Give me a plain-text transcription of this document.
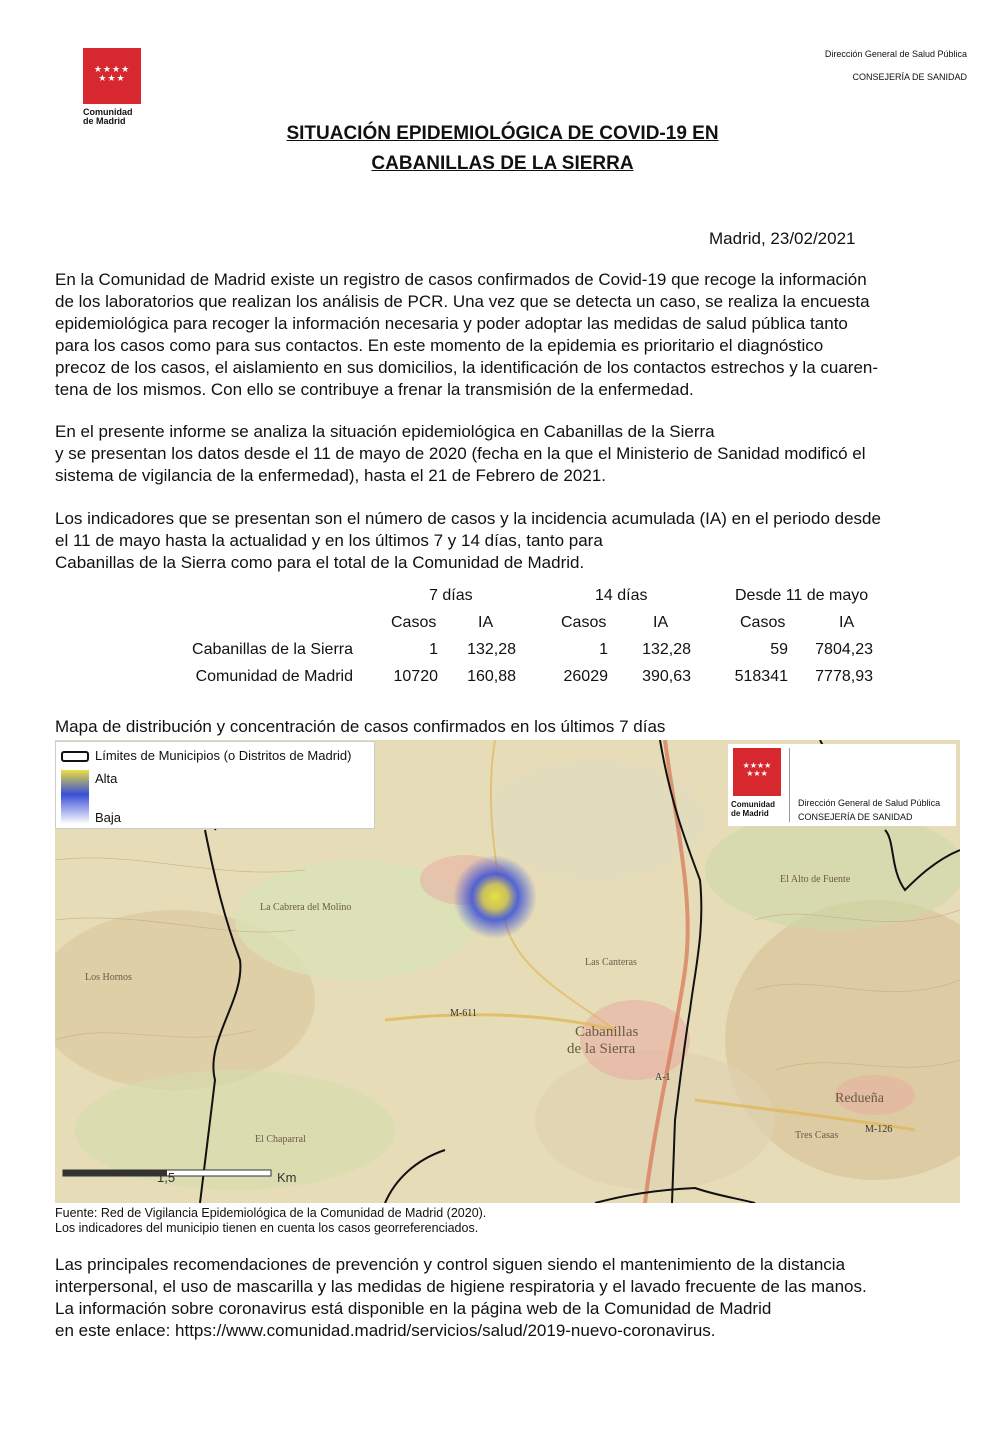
★★★★
★★★
Comunidad
de Madrid
Dirección General de Salud Pública
CONSEJERÍA DE SANIDAD
SITUACIÓN EPIDEMIOLÓGICA DE COVID-19 EN
CABANILLAS DE LA SIERRA
Madrid, 23/02/2021
En la Comunidad de Madrid existe un registro de casos confirmados de Covid-19 que recoge la información
de los laboratorios que realizan los análisis de PCR. Una vez que se detecta un caso, se realiza la encuesta
epidemiológica para recoger la información necesaria y poder adoptar las medidas de salud pública tanto
para los casos como para sus contactos. En este momento de la epidemia es prioritario el diagnóstico
precoz de los casos, el aislamiento en sus domicilios, la identificación de los contactos estrechos y la cuaren-
tena de los mismos. Con ello se contribuye a frenar la transmisión de la enfermedad.
En el presente informe se analiza la situación epidemiológica en Cabanillas de la Sierra
y se presentan los datos desde el 11 de mayo de 2020 (fecha en la que el Ministerio de Sanidad modificó el
sistema de vigilancia de la enfermedad), hasta el 21 de Febrero de 2021.
Los indicadores que se presentan son el número de casos y la incidencia acumulada (IA) en el periodo desde
el 11 de mayo hasta la actualidad y en los últimos 7 y 14 días, tanto para
Cabanillas de la Sierra como para el total de la Comunidad de Madrid.
7 días	14 días	Desde 11 de mayo
Casos	IA	Casos	IA	Casos	IA
Cabanillas de la Sierra	1	132,28	1	132,28	59	7804,23
Comunidad de Madrid	10720	160,88	26029	390,63	518341	7778,93
Mapa de distribución y concentración de casos confirmados en los últimos 7 días
Cabanillas
de la Sierra
Redueña
La Cabrera del Molino
El Chaparral
Los Hornos
El Alto de Fuente
Las Canteras
Tres Casas
A-1
M-611
M-126
1,5	Km
Límites de Municipios (o Distritos de Madrid)
Alta
Baja
★★★★
★★★
Comunidad
de Madrid
Dirección General de Salud Pública
CONSEJERÍA DE SANIDAD
Fuente: Red de Vigilancia Epidemiológica de la Comunidad de Madrid (2020).
Los indicadores del municipio tienen en cuenta los casos georreferenciados.
Las principales recomendaciones de prevención y control siguen siendo el mantenimiento de la distancia
interpersonal, el uso de mascarilla y las medidas de higiene respiratoria y el lavado frecuente de las manos.
La información sobre coronavirus está disponible en la página web de la Comunidad de Madrid
en este enlace: https://www.comunidad.madrid/servicios/salud/2019-nuevo-coronavirus.
